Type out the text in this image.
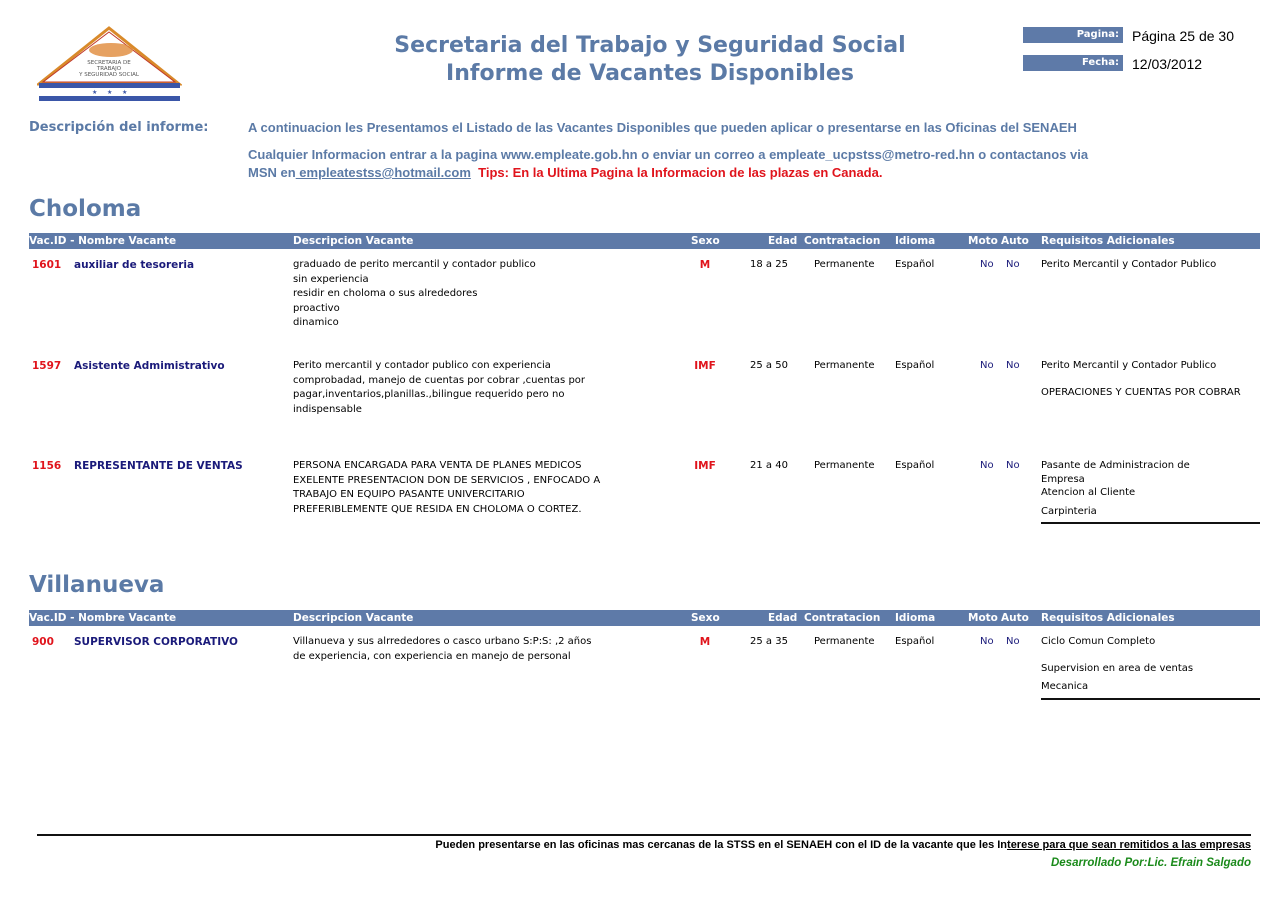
SECRETARIA DE
TRABAJO
Y SEGURIDAD SOCIAL
★ ★ ★
Secretaria del Trabajo y Seguridad Social
Informe de Vacantes Disponibles
Pagina: Página 25 de 30
Fecha: 12/03/2012
Descripción del informe:	A continuacion les Presentamos el Listado de las Vacantes Disponibles que pueden aplicar o presentarse en las Oficinas del SENAEH
Cualquier Informacion entrar a la pagina www.empleate.gob.hn o enviar un correo a empleate_ucpstss@metro-red.hn o contactanos via
MSN en empleatestss@hotmail.com Tips: En la Ultima Pagina la Informacion de las plazas en Canada.
Choloma
Vac.ID - Nombre Vacante	Descripcion Vacante	Sexo	Edad Contratacion Idioma	Moto Auto Requisitos Adicionales
1601 auxiliar de tesoreria	graduado de perito mercantil y contador publico
sin experiencia
residir en choloma o sus alrededores
proactivo
dinamico
M	18 a 25	Permanente Español	No No Perito Mercantil y Contador Publico
1597 Asistente Admimistrativo	Perito mercantil y contador publico con experiencia
comprobadad, manejo de cuentas por cobrar ,cuentas por
pagar,inventarios,planillas.,bilingue requerido pero no
indispensable
IMF	25 a 50	Permanente Español	No No Perito Mercantil y Contador Publico
OPERACIONES Y CUENTAS POR COBRAR
1156 REPRESENTANTE DE VENTAS	PERSONA ENCARGADA PARA VENTA DE PLANES MEDICOS
EXELENTE PRESENTACION DON DE SERVICIOS , ENFOCADO A
TRABAJO EN EQUIPO PASANTE UNIVERCITARIO
PREFERIBLEMENTE QUE RESIDA EN CHOLOMA O CORTEZ.
IMF	21 a 40	Permanente Español	No No Pasante de Administracion de
Empresa
Atencion al Cliente
Carpinteria
Villanueva
Vac.ID - Nombre Vacante	Descripcion Vacante	Sexo	Edad Contratacion Idioma	Moto Auto Requisitos Adicionales
900 SUPERVISOR CORPORATIVO	Villanueva y sus alrrededores o casco urbano S:P:S: ,2 años
de experiencia, con experiencia en manejo de personal
M	25 a 35	Permanente Español	No No Ciclo Comun Completo
Supervision en area de ventas
Mecanica
Pueden presentarse en las oficinas mas cercanas de la STSS en el SENAEH con el ID de la vacante que les Interese para que sean remitidos a las empresas
Desarrollado Por:Lic. Efrain Salgado
